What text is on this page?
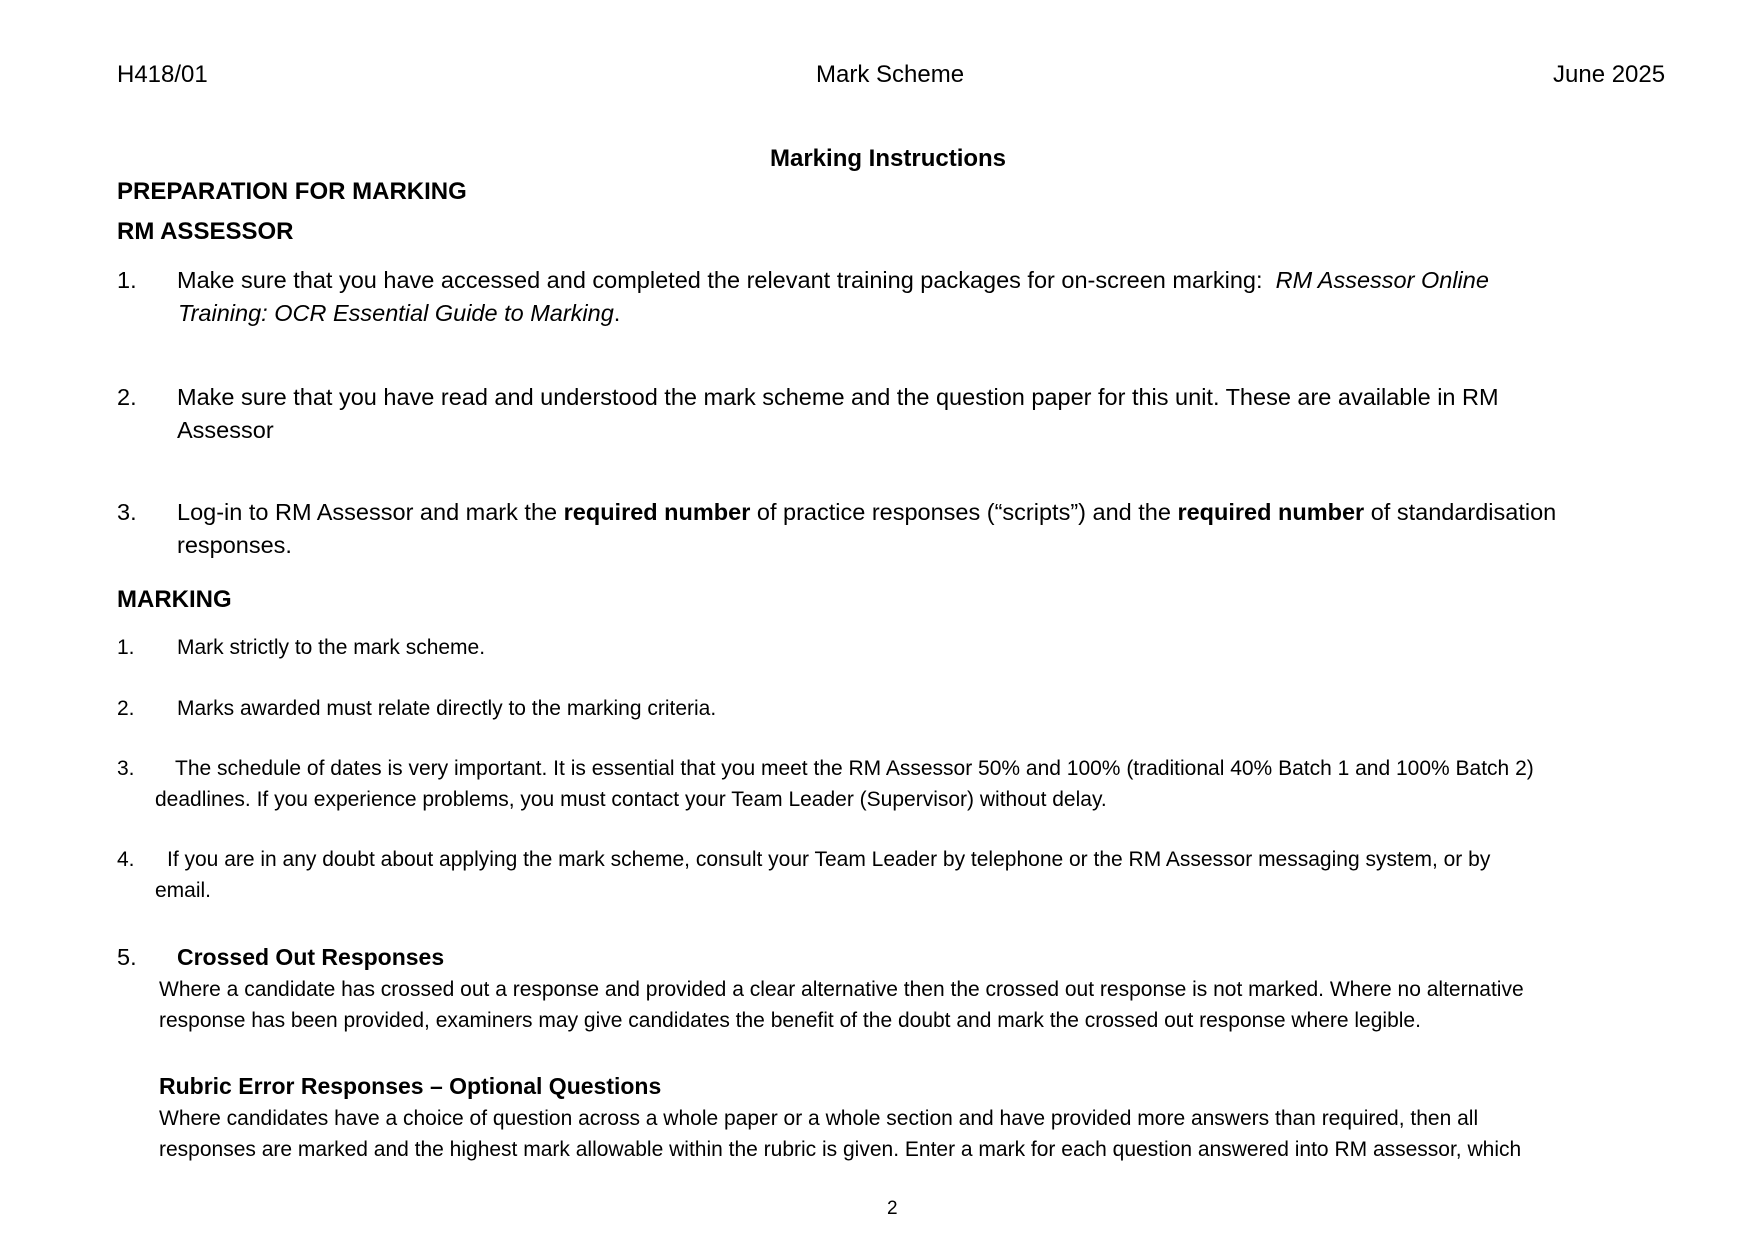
H418/01	Mark Scheme	June 2025
Marking Instructions
PREPARATION FOR MARKING
RM ASSESSOR
1. Make sure that you have accessed and completed the relevant training packages for on-screen marking: RM Assessor Online
Training: OCR Essential Guide to Marking.
2. Make sure that you have read and understood the mark scheme and the question paper for this unit. These are available in RM
Assessor
3. Log-in to RM Assessor and mark the required number of practice responses (“scripts”) and the required number of standardisation
responses.
MARKING
1. Mark strictly to the mark scheme.
2. Marks awarded must relate directly to the marking criteria.
3. The schedule of dates is very important. It is essential that you meet the RM Assessor 50% and 100% (traditional 40% Batch 1 and 100% Batch 2)
deadlines. If you experience problems, you must contact your Team Leader (Supervisor) without delay.
4. If you are in any doubt about applying the mark scheme, consult your Team Leader by telephone or the RM Assessor messaging system, or by
email.
5. Crossed Out Responses
Where a candidate has crossed out a response and provided a clear alternative then the crossed out response is not marked. Where no alternative
response has been provided, examiners may give candidates the benefit of the doubt and mark the crossed out response where legible.
Rubric Error Responses – Optional Questions
Where candidates have a choice of question across a whole paper or a whole section and have provided more answers than required, then all
responses are marked and the highest mark allowable within the rubric is given. Enter a mark for each question answered into RM assessor, which
2
